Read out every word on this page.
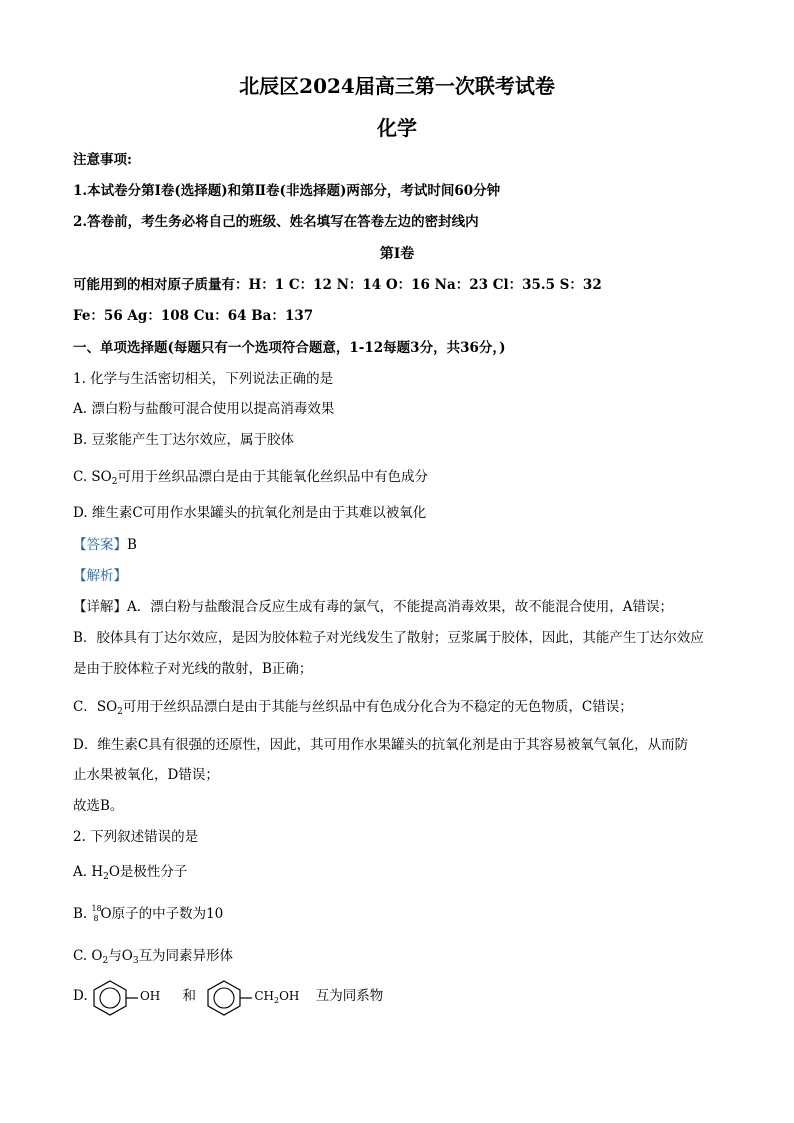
北辰区2024届高三第一次联考试卷
化学
注意事项:
1.本试卷分第Ⅰ卷(选择题)和第Ⅱ卷(非选择题)两部分，考试时间60分钟
2.答卷前，考生务必将自己的班级、姓名填写在答卷左边的密封线内
第Ⅰ卷
可能用到的相对原子质量有：H：1 C：12 N：14 O：16 Na：23 Cl：35.5 S：32
Fe：56 Ag：108 Cu：64 Ba：137
一、单项选择题(每题只有一个选项符合题意，1-12每题3分，共36分，)
1. 化学与生活密切相关，下列说法正确的是
A. 漂白粉与盐酸可混合使用以提高消毒效果
B. 豆浆能产生丁达尔效应，属于胶体
C. $SO_2$可用于丝织品漂白是由于其能氧化丝织品中有色成分
D. 维生素C可用作水果罐头的抗氧化剂是由于其难以被氧化
【答案】B
【解析】
【详解】A．漂白粉与盐酸混合反应生成有毒的氯气，不能提高消毒效果，故不能混合使用，A错误；
B．胶体具有丁达尔效应，是因为胶体粒子对光线发生了散射；豆浆属于胶体，因此，其能产生丁达尔效应
是由于胶体粒子对光线的散射，B正确；
C．$SO_2$可用于丝织品漂白是由于其能与丝织品中有色成分化合为不稳定的无色物质，C错误；
D．维生素C具有很强的还原性，因此，其可用作水果罐头的抗氧化剂是由于其容易被氧气氧化，从而防
止水果被氧化，D错误；
故选B。
2. 下列叙述错误的是
A. $H_2O$是极性分子
B. 18
8 O原子的中子数为10
C. $O_2$与$O_3$互为同素异形体
D.	OH 和	$CH_2OH$ 互为同系物
